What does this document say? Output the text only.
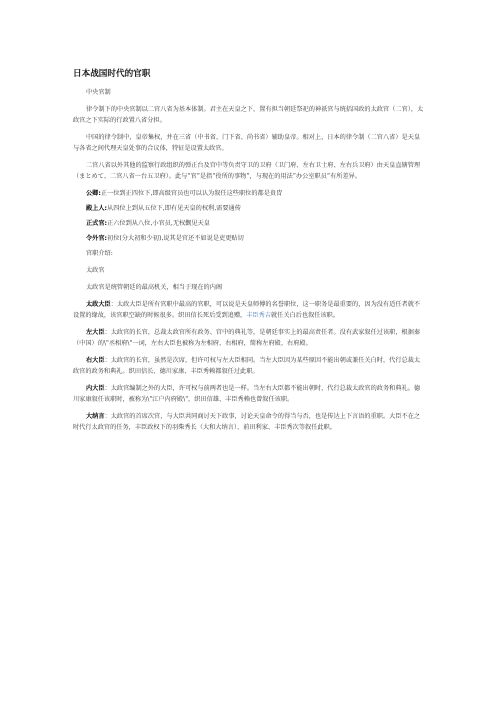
日本战国时代的官职

中央官制

律令制下的中央官制以二官八省为基本体制。君主在天皇之下，置有担当朝廷祭祀的神祇官与统括国政的太政官（二官），太政官之下实际的行政置八省分担。

中国的律令制中，皇帝集权，并在三省（中书省、门下省、尚书省）辅助皇帝。相对上，日本的律令制（二官八省）是天皇与各省之间代理天皇处事的合议体，特征是设置太政官。

二官八省以外其他的监察行政组织的弹正台及宫中等负责守卫的卫府（卫门府、左右卫士府、左右兵卫府）由天皇直辖管理（まとめて、二官八省一台五卫府）。此与“官”是指“役所的事物”，与现在的用法“办公室职员”有所差异。

公卿:正一位到正四位下,即高级官员也可以认为叙任这些职位的都是贵胄

殿上人:从四位上到从五位下,即有见天皇的权利,需要通传

正式官:正六位到从八位,小官员,无权觐见天皇

令外官:初位(分大初和少初),说其是官还不如说是吏更贴切

官职介绍:

太政官

太政官是统管朝廷的最高机关，相当于现在的内阁

太政大臣：太政大臣是所有官职中最高的官职，可以说是天皇师傅的名誉职位，这一职务是最重要的，因为没有适任者就不设置的缘故，该官职空缺的时候很多。织田信长死后受到追赠，丰臣秀吉就任关白后也叙任该职。

左大臣：太政官的长官，总裁太政官所有政务、宫中的典礼等，是朝廷事实上的最高责任者。没有武家叙任过该职，根据秦（中国）的\"丞相府\"一词，左右大臣也被称为左相府、右相府，简称左府殿、右府殿。

右大臣：太政官的长官，虽然是次席，但许可权与左大臣相同。当左大臣因为某些原因不能出朝或兼任关白时，代行总裁太政官的政务和典礼。织田信长、德川家康、丰臣秀赖都叙任过此职。

内大臣：太政官编制之外的大臣，许可权与前两者也是一样。当左右大臣都不能出朝时，代行总裁太政官的政务和典礼。德川家康叙任该职时，被称为\"江户内府殿\"，织田信雄、丰臣秀赖也曾叙任该职。

大纳言：太政官的首席次官，与大臣共同商讨天下政事，讨论天皇命令的得当与否，也是传达上下言语的重职。大臣不在之时代行太政官的任务，丰臣政权下的羽柴秀长（大和大纳言）、前田利家、丰臣秀次等叙任此职。
